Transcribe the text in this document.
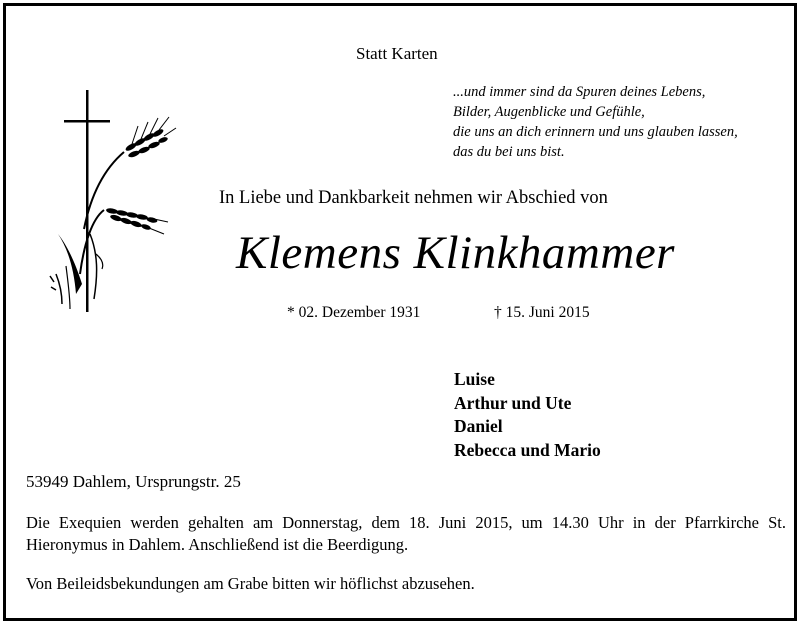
Statt Karten
...und immer sind da Spuren deines Lebens,
Bilder, Augenblicke und Gefühle,
die uns an dich erinnern und uns glauben lassen,
das du bei uns bist.
In Liebe und Dankbarkeit nehmen wir Abschied von
Klemens Klinkhammer
* 02. Dezember 1931	† 15. Juni 2015
Luise
Arthur und Ute
Daniel
Rebecca und Mario
53949 Dahlem, Ursprungstr. 25
Die Exequien werden gehalten am Donnerstag, dem 18. Juni 2015, um 14.30 Uhr in der Pfarrkirche St. Hieronymus in Dahlem. Anschließend ist die Beerdigung.
Von Beileidsbekundungen am Grabe bitten wir höflichst abzusehen.
